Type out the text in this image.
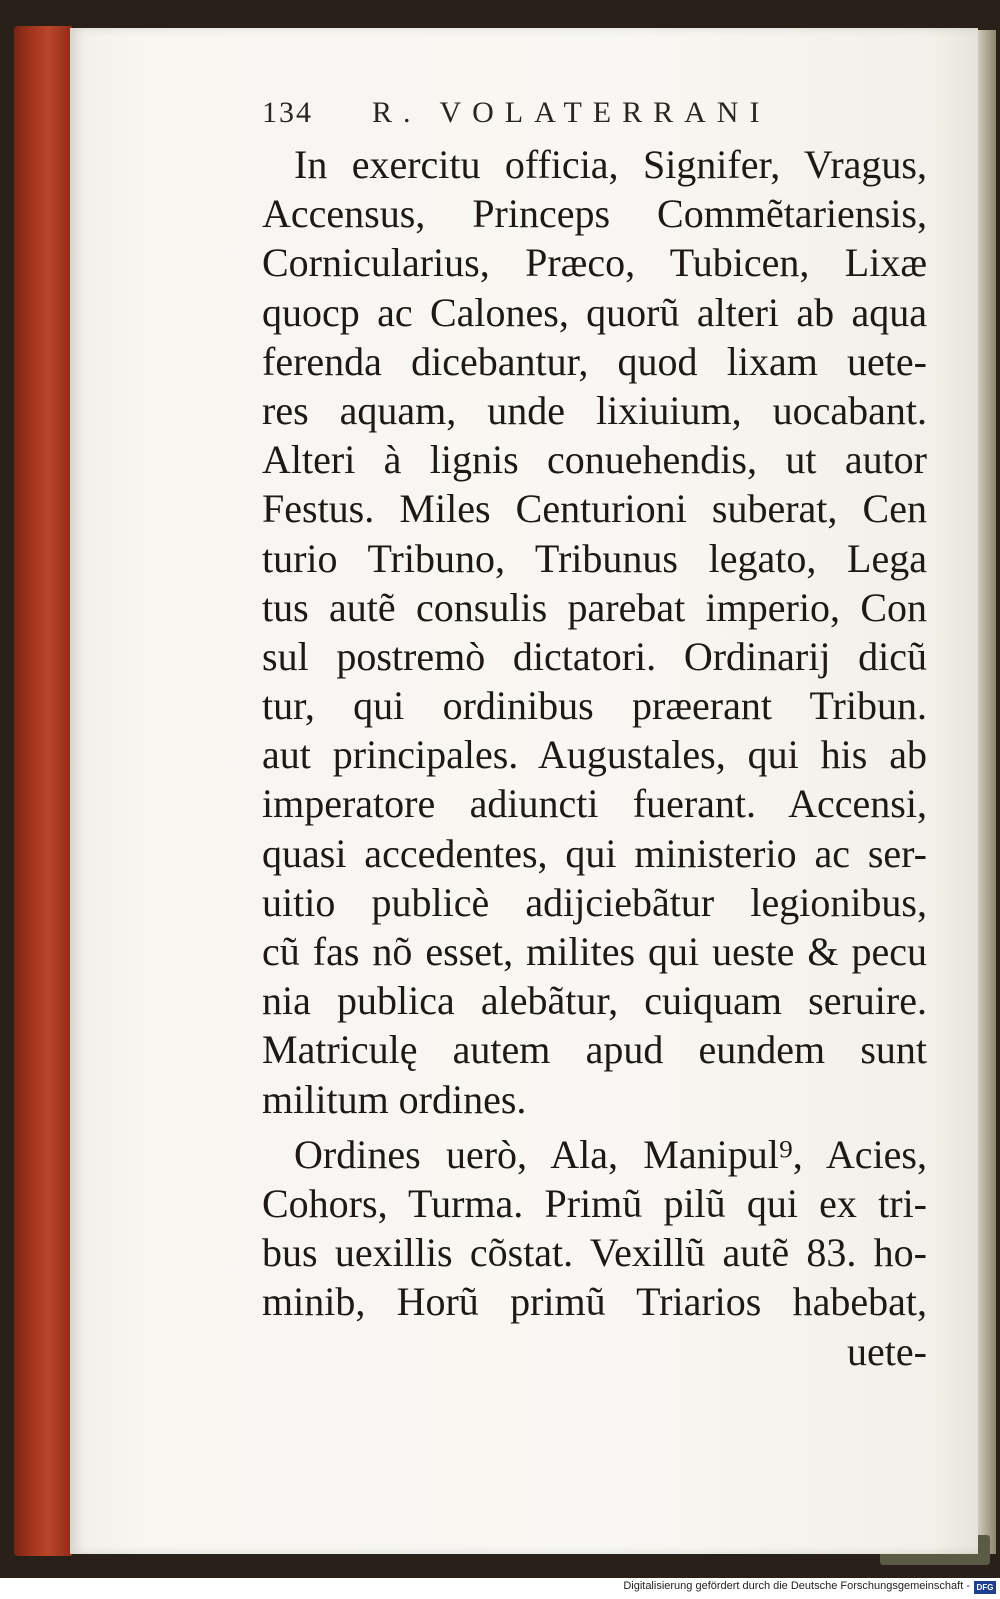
134 R. VOLATERRANI
In exercitu officia, Signifer, Vragus,
Accensus, Princeps Commẽtariensis,
Cornicularius, Præco, Tubicen, Lixæ
quocp ac Calones, quorũ alteri ab aqua
ferenda dicebantur, quod lixam uete-
res aquam, unde lixiuium, uocabant.
Alteri à lignis conuehendis, ut autor
Festus. Miles Centurioni suberat, Cen
turio Tribuno, Tribunus legato, Lega
tus autẽ consulis parebat imperio, Con
sul postremò dictatori. Ordinarij dicũ
tur, qui ordinibus præerant Tribun.
aut principales. Augustales, qui his ab
imperatore adiuncti fuerant. Accensi,
quasi accedentes, qui ministerio ac ser-
uitio publicè adijciebãtur legionibus,
cũ fas nõ esset, milites qui ueste & pecu
nia publica alebãtur, cuiquam seruire.
Matriculę autem apud eundem sunt
militum ordines.
Ordines uerò, Ala, Manipul⁹, Acies,
Cohors, Turma. Primũ pilũ qui ex tri-
bus uexillis cõstat. Vexillũ autẽ 83. ho-
minib, Horũ primũ Triarios habebat,
uete-
Digitalisierung gefördert durch die Deutsche Forschungsgemeinschaft - DFG
